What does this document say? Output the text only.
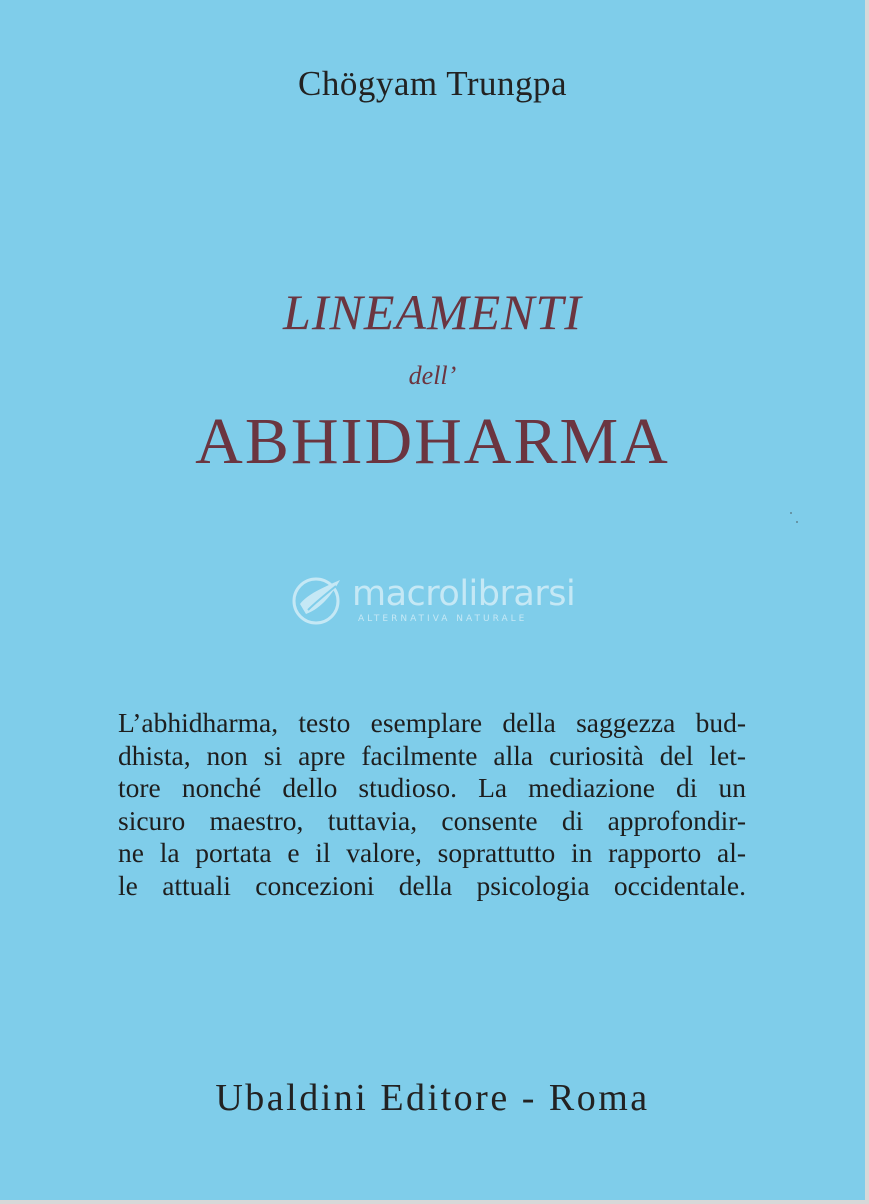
Chögyam Trungpa
LINEAMENTI
dell’
ABHIDHARMA
macrolibrarsi
ALTERNATIVA NATURALE

L’abhidharma, testo esemplare della saggezza bud-
dhista, non si apre facilmente alla curiosità del let-
tore nonché dello studioso. La mediazione di un
sicuro maestro, tuttavia, consente di approfondir-
ne la portata e il valore, soprattutto in rapporto al-
le attuali concezioni della psicologia occidentale.

Ubaldini Editore - Roma
